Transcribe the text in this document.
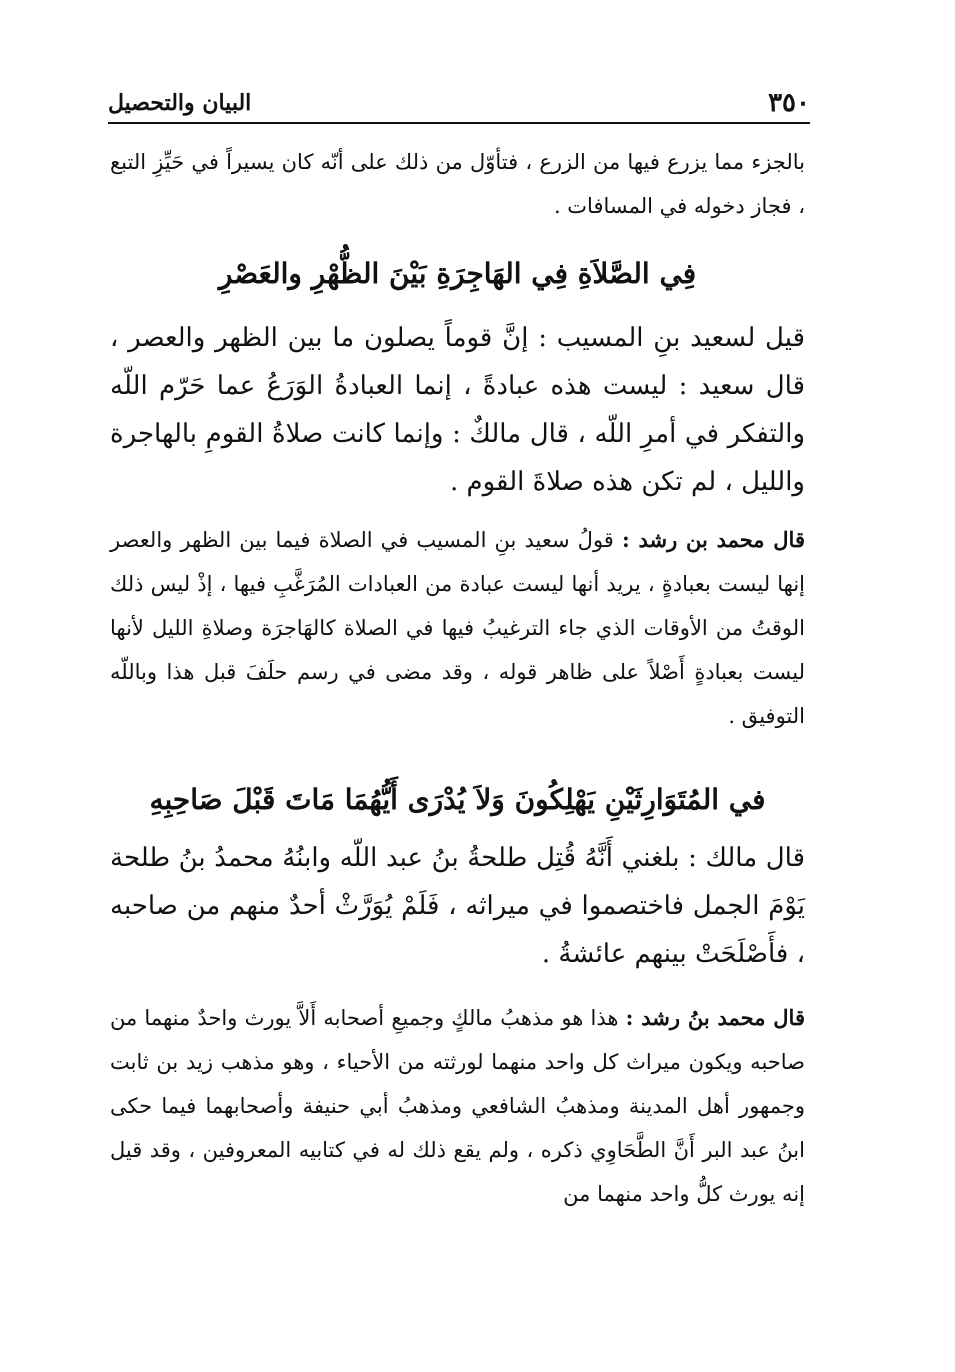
٣٥٠
البيان والتحصيل

بالجزء مما يزرع فيها من الزرع ، فتأوّل من ذلك على أنّه كان يسيراً في حَيِّزِ التبع ، فجاز دخوله في المسافات .

فِي الصَّلاَةِ فِي الهَاجِرَةِ بَيْنَ الظُّهْرِ والعَصْرِ

قيل لسعيد بنِ المسيب : إنَّ قوماً يصلون ما بين الظهر والعصر ، قال سعيد : ليست هذه عبادةً ، إنما العبادةُ الوَرَعُ عما حَرّم اللّه والتفكر في أمرِ اللّه ، قال مالكٌ : وإنما كانت صلاةُ القومِ بالهاجرة والليل ، لم تكن هذه صلاةَ القوم .

قال محمد بن رشد : قولُ سعيد بنِ المسيب في الصلاة فيما بين الظهر والعصر إنها ليست بعبادةٍ ، يريد أنها ليست عبادة من العبادات المُرَغَّبِ فيها ، إذْ ليس ذلك الوقتُ من الأوقات الذي جاء الترغيبُ فيها في الصلاة كالهَاجرَة وصلاةِ الليل لأنها ليست بعبادةٍ أَصْلاً على ظاهر قوله ، وقد مضى في رسم حلَفَ قبل هذا وباللّه التوفيق .

في المُتَوَارِثَيْنِ يَهْلِكُونَ وَلاَ يُدْرَى أَيُّهُمَا مَاتَ قَبْلَ صَاحِبِهِ

قال مالك : بلغني أَنَّهُ قُتِل طلحةُ بنُ عبد اللّه وابنُهُ محمدُ بنُ طلحة يَوْمَ الجمل فاختصموا في ميراثه ، فَلَمْ يُوَرَّثْ أحدٌ منهم من صاحبه ، فأَصْلَحَتْ بينهم عائشةُ .

قال محمد بنُ رشد : هذا هو مذهبُ مالكٍ وجميعِ أصحابه أَلاَّ يورث واحدٌ منهما من صاحبه ويكون ميراث كل واحد منهما لورثته من الأحياء ، وهو مذهب زيد بن ثابت وجمهور أهل المدينة ومذهبُ الشافعي ومذهبُ أبي حنيفة وأصحابهما فيما حكى ابنُ عبد البر أَنَّ الطَّحَاوِي ذكره ، ولم يقع ذلك له في كتابيه المعروفين ، وقد قيل إنه يورث كلُّ واحد منهما من
